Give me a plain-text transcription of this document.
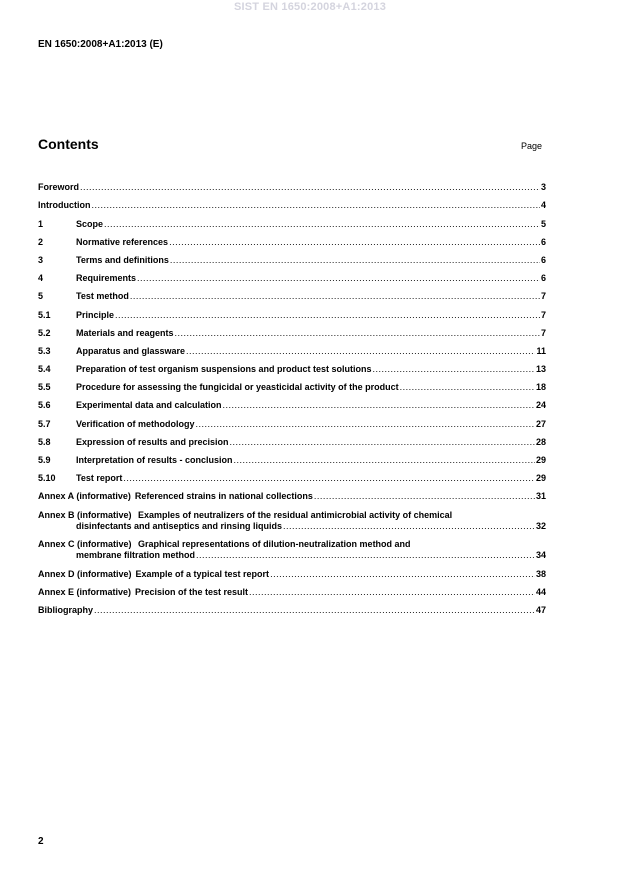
SIST EN 1650:2008+A1:2013
EN 1650:2008+A1:2013 (E)
Contents	Page
Foreword .....	3
Introduction .....	4
1	Scope .....	5
2	Normative references .....	6
3	Terms and definitions .....	6
4	Requirements .....	6
5	Test method .....	7
5.1	Principle .....	7
5.2	Materials and reagents .....	7
5.3	Apparatus and glassware .....	11
5.4	Preparation of test organism suspensions and product test solutions .....	13
5.5	Procedure for assessing the fungicidal or yeasticidal activity of the product .....	18
5.6	Experimental data and calculation .....	24
5.7	Verification of methodology .....	27
5.8	Expression of results and precision .....	28
5.9	Interpretation of results - conclusion .....	29
5.10	Test report .....	29
Annex A (informative) Referenced strains in national collections .....	31
Annex B (informative) Examples of neutralizers of the residual antimicrobial activity of chemical
disinfectants and antiseptics and rinsing liquids .....	32
Annex C (informative) Graphical representations of dilution-neutralization method and
membrane filtration method .....	34
Annex D (informative) Example of a typical test report .....	38
Annex E (informative) Precision of the test result .....	44
Bibliography .....	47
2
